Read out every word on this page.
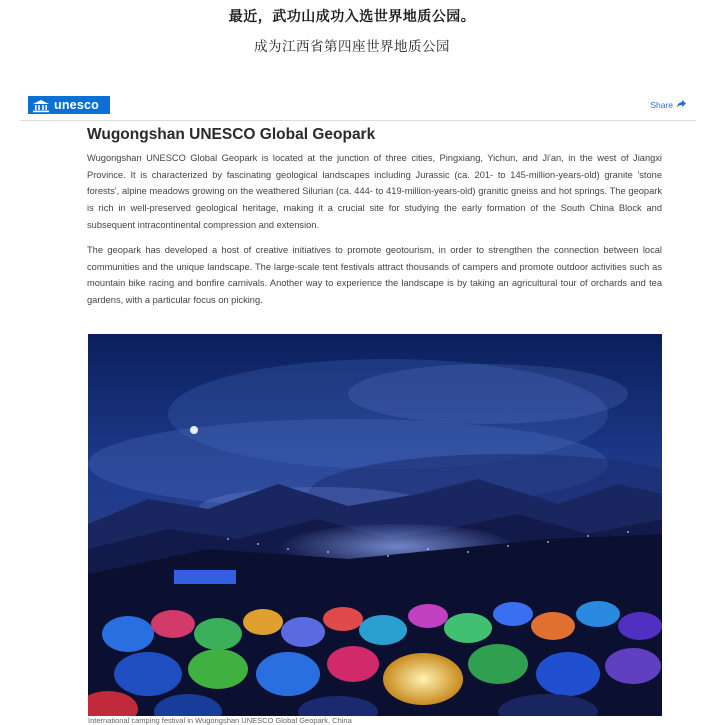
最近，武功山成功入选世界地质公园。
成为江西省第四座世界地质公园
unesco	Share
Wugongshan UNESCO Global Geopark

Wugongshan UNESCO Global Geopark is located at the junction of three cities, Pingxiang, Yichun, and Ji'an, in the west of Jiangxi Province. It is characterized by fascinating geological landscapes including Jurassic (ca. 201- to 145-million-years-old) granite 'stone forests', alpine meadows growing on the weathered Silurian (ca. 444- to 419-million-years-old) granitic gneiss and hot springs. The geopark is rich in well-preserved geological heritage, making it a crucial site for studying the early formation of the South China Block and subsequent intracontinental compression and extension.

The geopark has developed a host of creative initiatives to promote geotourism, in order to strengthen the connection between local communities and the unique landscape. The large-scale tent festivals attract thousands of campers and promote outdoor activities such as mountain bike racing and bonfire carnivals. Another way to experience the landscape is by taking an agricultural tour of orchards and tea gardens, with a particular focus on picking.

International camping festival in Wugongshan UNESCO Global Geopark, China
